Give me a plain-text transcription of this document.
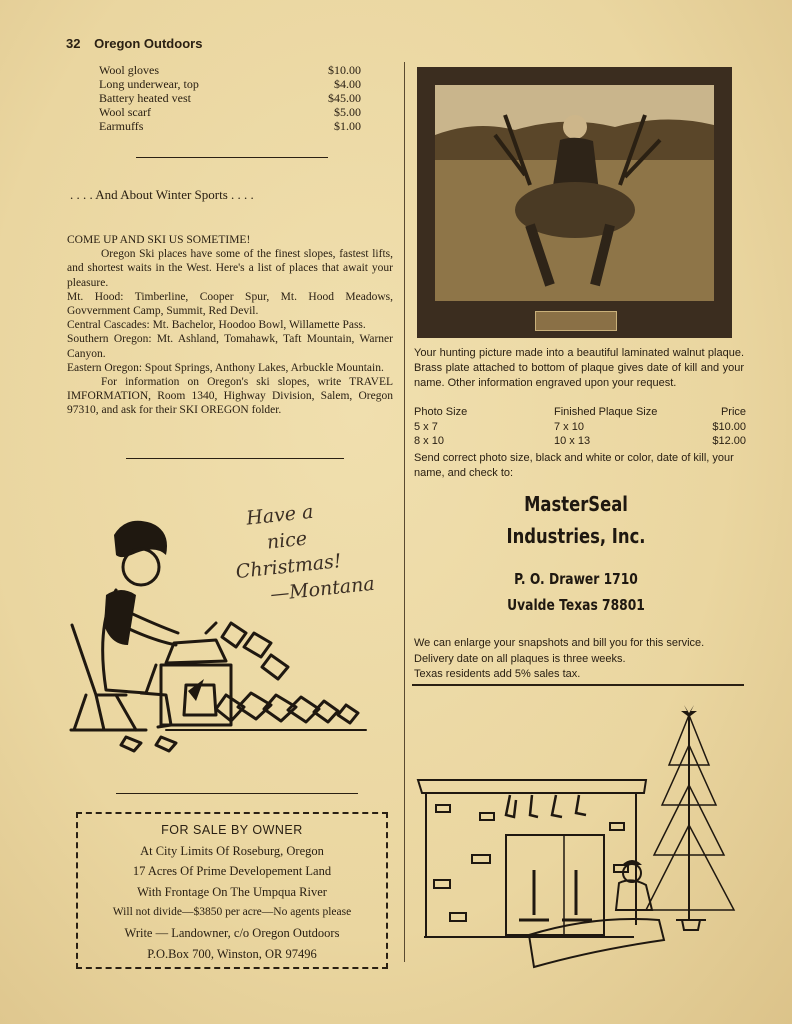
32 Oregon Outdoors
Wool gloves	$10.00
Long underwear, top	$4.00
Battery heated vest	$45.00
Wool scarf	$5.00
Earmuffs	$1.00
. . . . And About Winter Sports . . . .

COME UP AND SKI US SOMETIME!

Oregon Ski places have some of the finest slopes, fastest lifts, and shortest waits in the West. Here's a list of places that await your pleasure.

Mt. Hood: Timberline, Cooper Spur, Mt. Hood Meadows, Govvernment Camp, Summit, Red Devil.

Central Cascades: Mt. Bachelor, Hoodoo Bowl, Willamette Pass.

Southern Oregon: Mt. Ashland, Tomahawk, Taft Mountain, Warner Canyon.

Eastern Oregon: Spout Springs, Anthony Lakes, Arbuckle Mountain.

For information on Oregon's ski slopes, write TRAVEL IMFORMATION, Room 1340, Highway Division, Salem, Oregon 97310, and ask for their SKI OREGON folder.

Have a
nice
Christmas!
—Montana
FOR SALE BY OWNER
At City Limits Of Roseburg, Oregon
17 Acres Of Prime Developement Land
With Frontage On The Umpqua River
Will not divide—$3850 per acre—No agents please
Write — Landowner, c/o Oregon Outdoors
P.O.Box 700, Winston, OR 97496
Your hunting picture made into a beautiful laminated walnut plaque. Brass plate attached to bottom of plaque gives date of kill and your name. Other information engraved upon your request.
Photo Size	Finished Plaque Size	Price
5 x 7	7 x 10	$10.00
8 x 10	10 x 13	$12.00
Send correct photo size, black and white or color, date of kill, your name, and check to:
MasterSeal
Industries, Inc.
P. O. Drawer 1710
Uvalde Texas 78801
We can enlarge your snapshots and bill you for this service.
Delivery date on all plaques is three weeks.
Texas residents add 5% sales tax.
